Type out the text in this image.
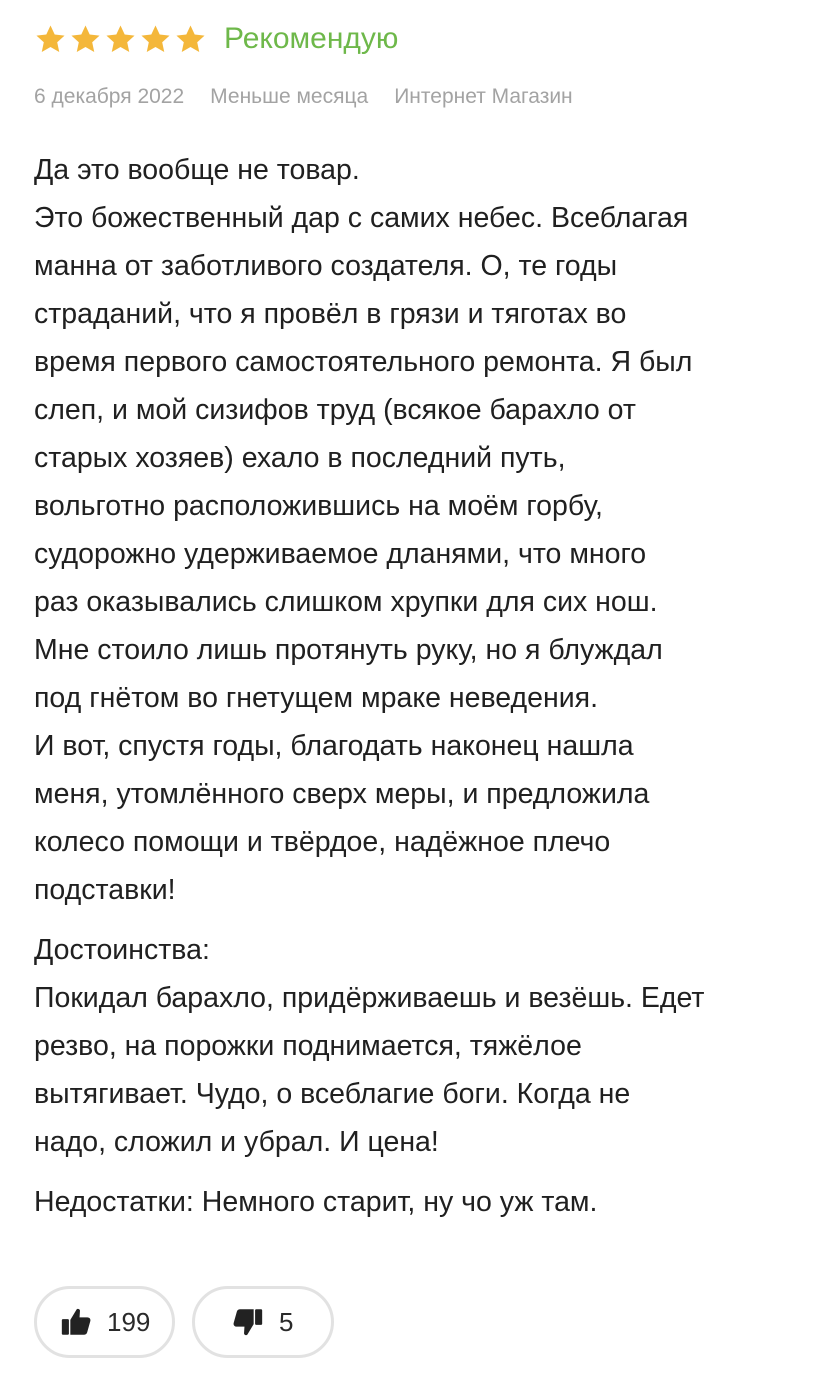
Рекомендую
6 декабря 2022 Меньше месяца Интернет Магазин

Да это вообще не товар.
Это божественный дар с самих небес. Всеблагая
манна от заботливого создателя. О, те годы
страданий, что я провёл в грязи и тяготах во
время первого самостоятельного ремонта. Я был
слеп, и мой сизифов труд (всякое барахло от
старых хозяев) ехало в последний путь,
вольготно расположившись на моём горбу,
судорожно удерживаемое дланями, что много
раз оказывались слишком хрупки для сих нош.
Мне стоило лишь протянуть руку, но я блуждал
под гнётом во гнетущем мраке неведения.
И вот, спустя годы, благодать наконец нашла
меня, утомлённого сверх меры, и предложила
колесо помощи и твёрдое, надёжное плечо
подставки!

Достоинства:
Покидал барахло, придёрживаешь и везёшь. Едет
резво, на порожки поднимается, тяжёлое
вытягивает. Чудо, о всеблагие боги. Когда не
надо, сложил и убрал. И цена!

Недостатки: Немного старит, ну чо уж там.

199	5
